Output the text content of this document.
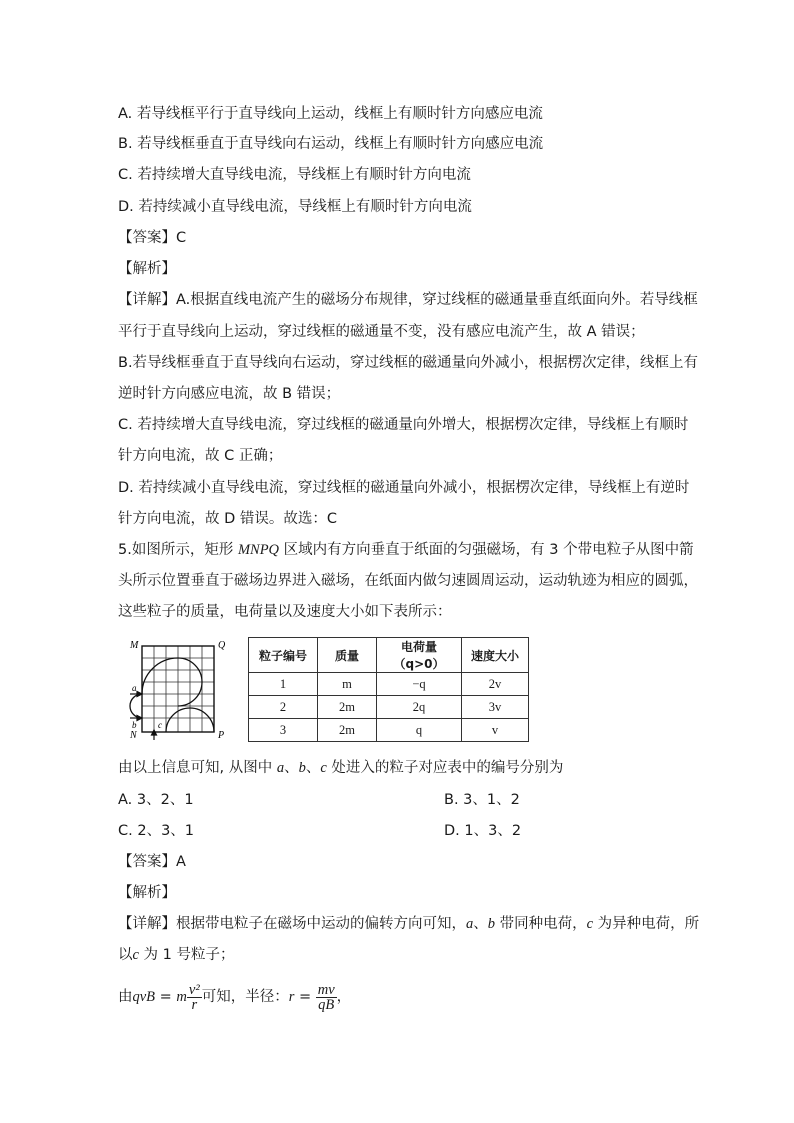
A. 若导线框平行于直导线向上运动，线框上有顺时针方向感应电流
B. 若导线框垂直于直导线向右运动，线框上有顺时针方向感应电流
C. 若持续增大直导线电流，导线框上有顺时针方向电流
D. 若持续减小直导线电流，导线框上有顺时针方向电流
【答案】C
【解析】
【详解】A.根据直线电流产生的磁场分布规律，穿过线框的磁通量垂直纸面向外。若导线框
平行于直导线向上运动，穿过线框的磁通量不变，没有感应电流产生，故 A 错误；
B.若导线框垂直于直导线向右运动，穿过线框的磁通量向外减小，根据楞次定律，线框上有
逆时针方向感应电流，故 B 错误；
C. 若持续增大直导线电流，穿过线框的磁通量向外增大，根据楞次定律，导线框上有顺时
针方向电流，故 C 正确；
D. 若持续减小直导线电流，穿过线框的磁通量向外减小，根据楞次定律，导线框上有逆时
针方向电流，故 D 错误。故选：C
5.如图所示，矩形 MNPQ 区域内有方向垂直于纸面的匀强磁场，有 3 个带电粒子从图中箭
头所示位置垂直于磁场边界进入磁场，在纸面内做匀速圆周运动，运动轨迹为相应的圆弧，
这些粒子的质量，电荷量以及速度大小如下表所示：
M	Q
N	P
a
b c
粒子编号	质量	电荷量（q>0）	速度大小
1	m	−q	2v
2	2m	2q	3v
3	2m	q	v
由以上信息可知, 从图中 a、b、c 处进入的粒子对应表中的编号分别为
A. 3、2、1	B. 3、1、2
C. 2、3、1	D. 1、3、2
【答案】A
【解析】
【详解】根据带电粒子在磁场中运动的偏转方向可知，a、b 带同种电荷，c 为异种电荷，所
以c 为 1 号粒子；
由qvB = m $\frac{\text{v²}}{r}$ 可知，半径：$r = \frac{mv}{qB}$ ，
